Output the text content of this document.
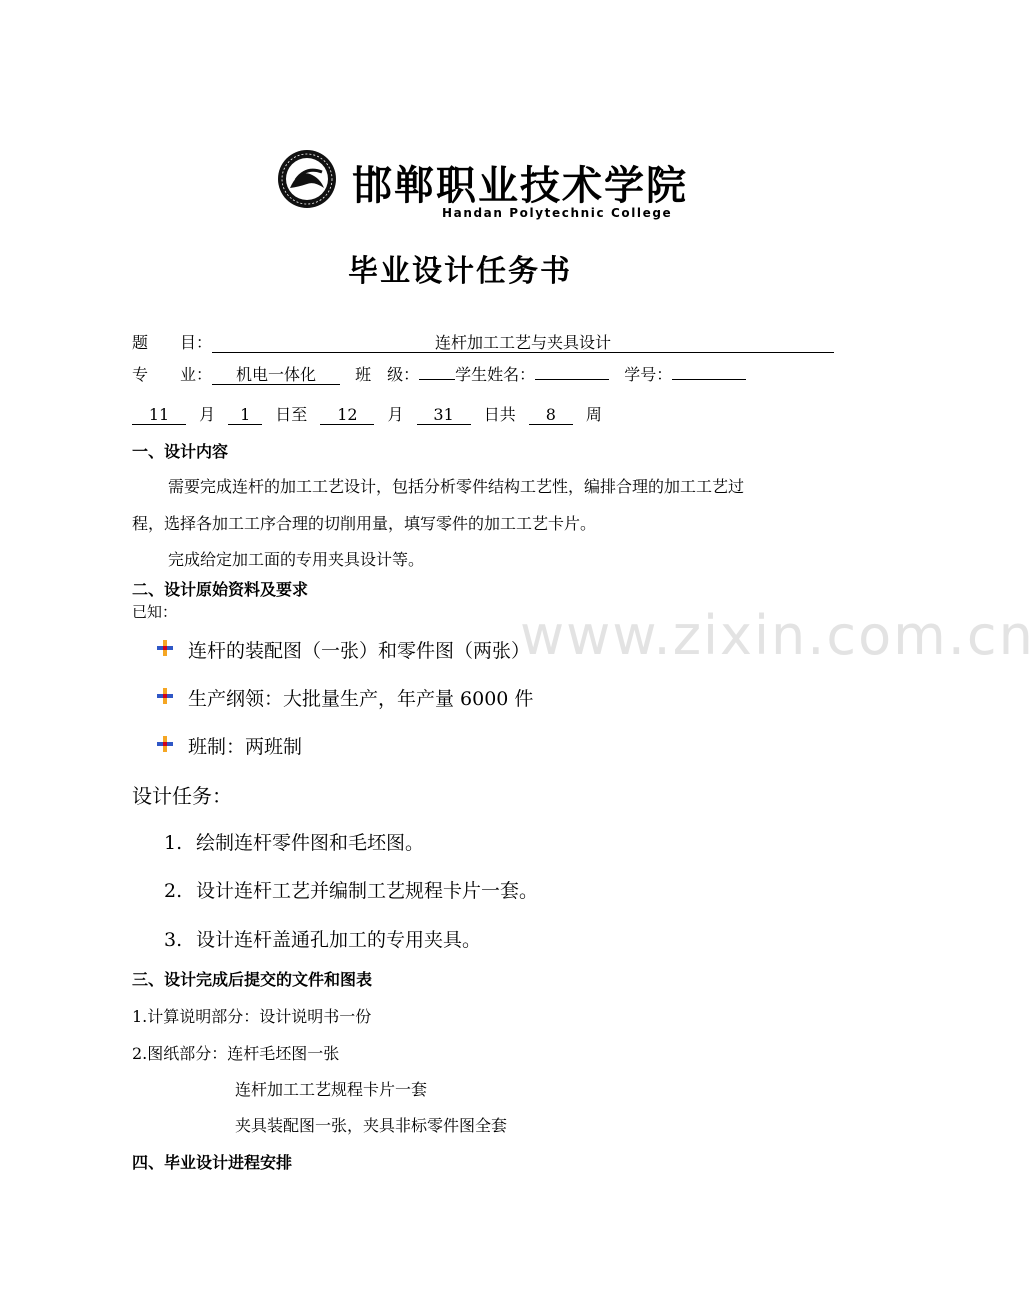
邯郸职业技术学院
Handan Polytechnic College
毕业设计任务书
题　　目：	连杆加工工艺与夹具设计
专　　业： 机电一体化 班　级： 学生姓名：	学号：
11 月 1 日至 12 月 31 日共 8 周
一、设计内容
需要完成连杆的加工工艺设计，包括分析零件结构工艺性，编排合理的加工工艺过
程，选择各加工工序合理的切削用量，填写零件的加工工艺卡片。
完成给定加工面的专用夹具设计等。
二、设计原始资料及要求
已知：	www.zixin.com.cn
连杆的装配图（一张）和零件图（两张）
生产纲领：大批量生产，年产量 6000 件
班制：两班制
设计任务：
1. 绘制连杆零件图和毛坯图。
2. 设计连杆工艺并编制工艺规程卡片一套。
3. 设计连杆盖通孔加工的专用夹具。
三、设计完成后提交的文件和图表
1.计算说明部分：设计说明书一份
2.图纸部分：连杆毛坯图一张
连杆加工工艺规程卡片一套
夹具装配图一张，夹具非标零件图全套
四、毕业设计进程安排
